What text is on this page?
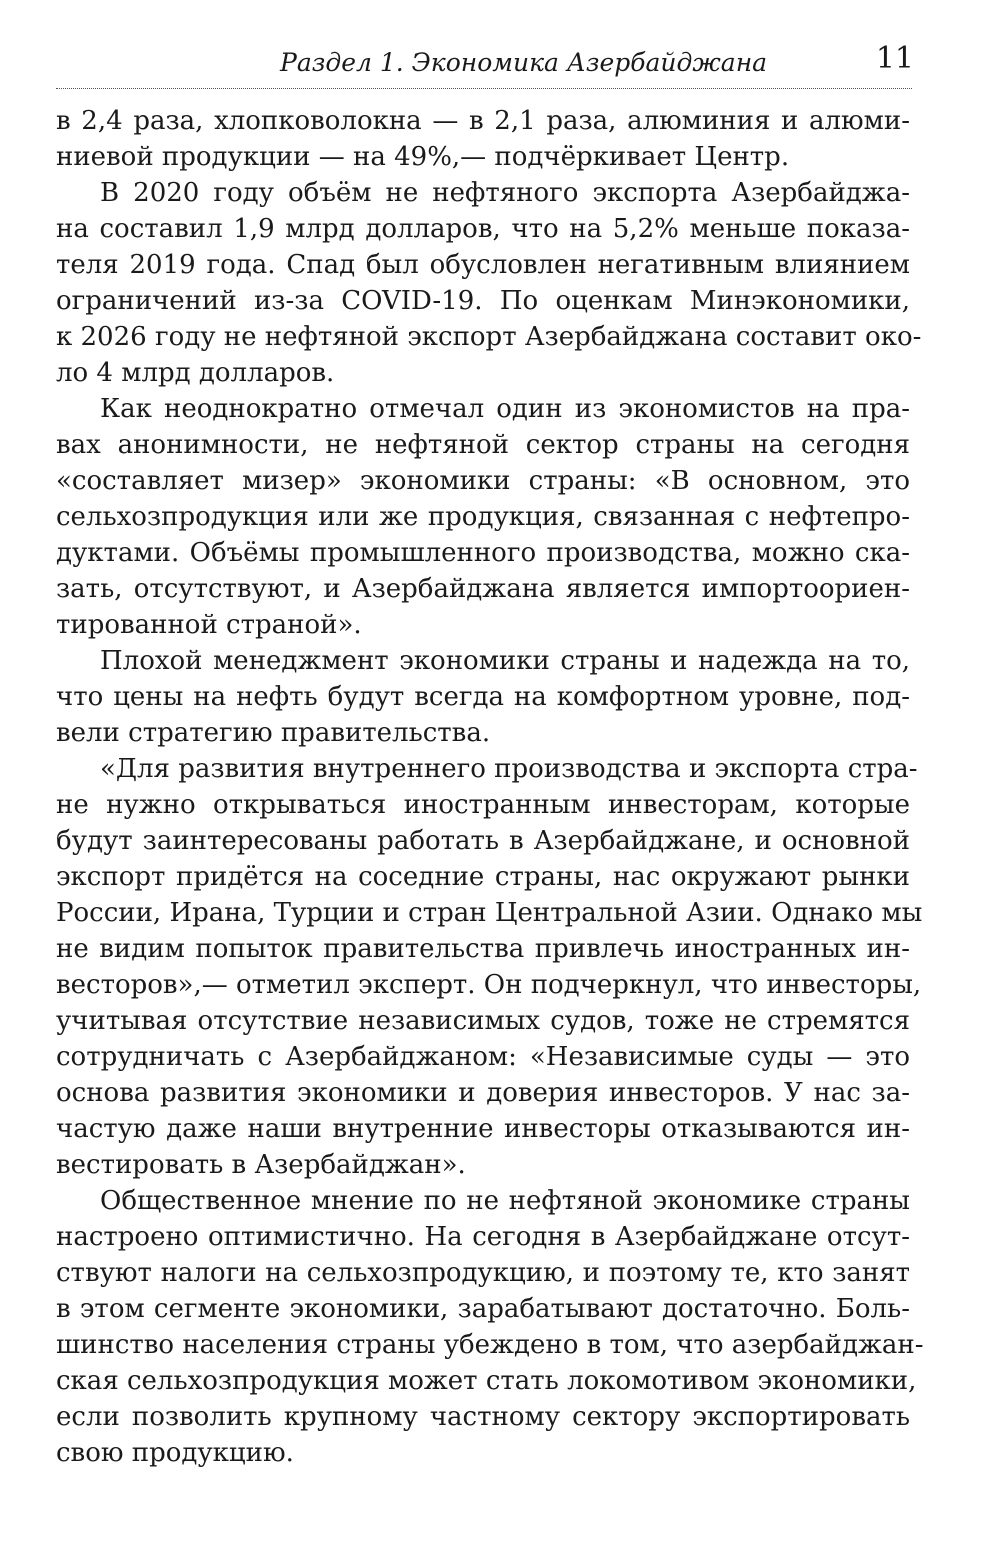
Раздел 1. Экономика Азербайджана	11
в 2,4 раза, хлопковолокна — в 2,1 раза, алюминия и алюми-
ниевой продукции — на 49%,— подчёркивает Центр.
В 2020 году объём не нефтяного экспорта Азербайджа-
на составил 1,9 млрд долларов, что на 5,2% меньше показа-
теля 2019 года. Спад был обусловлен негативным влиянием
ограничений из-за COVID-19. По оценкам Минэкономики,
к 2026 году не нефтяной экспорт Азербайджана составит око-
ло 4 млрд долларов.
Как неоднократно отмечал один из экономистов на пра-
вах анонимности, не нефтяной сектор страны на сегодня
«составляет мизер» экономики страны: «В основном, это
сельхозпродукция или же продукция, связанная с нефтепро-
дуктами. Объёмы промышленного производства, можно ска-
зать, отсутствуют, и Азербайджана является импортоориен-
тированной страной».
Плохой менеджмент экономики страны и надежда на то,
что цены на нефть будут всегда на комфортном уровне, под-
вели стратегию правительства.
«Для развития внутреннего производства и экспорта стра-
не нужно открываться иностранным инвесторам, которые
будут заинтересованы работать в Азербайджане, и основной
экспорт придётся на соседние страны, нас окружают рынки
России, Ирана, Турции и стран Центральной Азии. Однако мы
не видим попыток правительства привлечь иностранных ин-
весторов»,— отметил эксперт. Он подчеркнул, что инвесторы,
учитывая отсутствие независимых судов, тоже не стремятся
сотрудничать с Азербайджаном: «Независимые суды — это
основа развития экономики и доверия инвесторов. У нас за-
частую даже наши внутренние инвесторы отказываются ин-
вестировать в Азербайджан».
Общественное мнение по не нефтяной экономике страны
настроено оптимистично. На сегодня в Азербайджане отсут-
ствуют налоги на сельхозпродукцию, и поэтому те, кто занят
в этом сегменте экономики, зарабатывают достаточно. Боль-
шинство населения страны убеждено в том, что азербайджан-
ская сельхозпродукция может стать локомотивом экономики,
если позволить крупному частному сектору экспортировать
свою продукцию.
